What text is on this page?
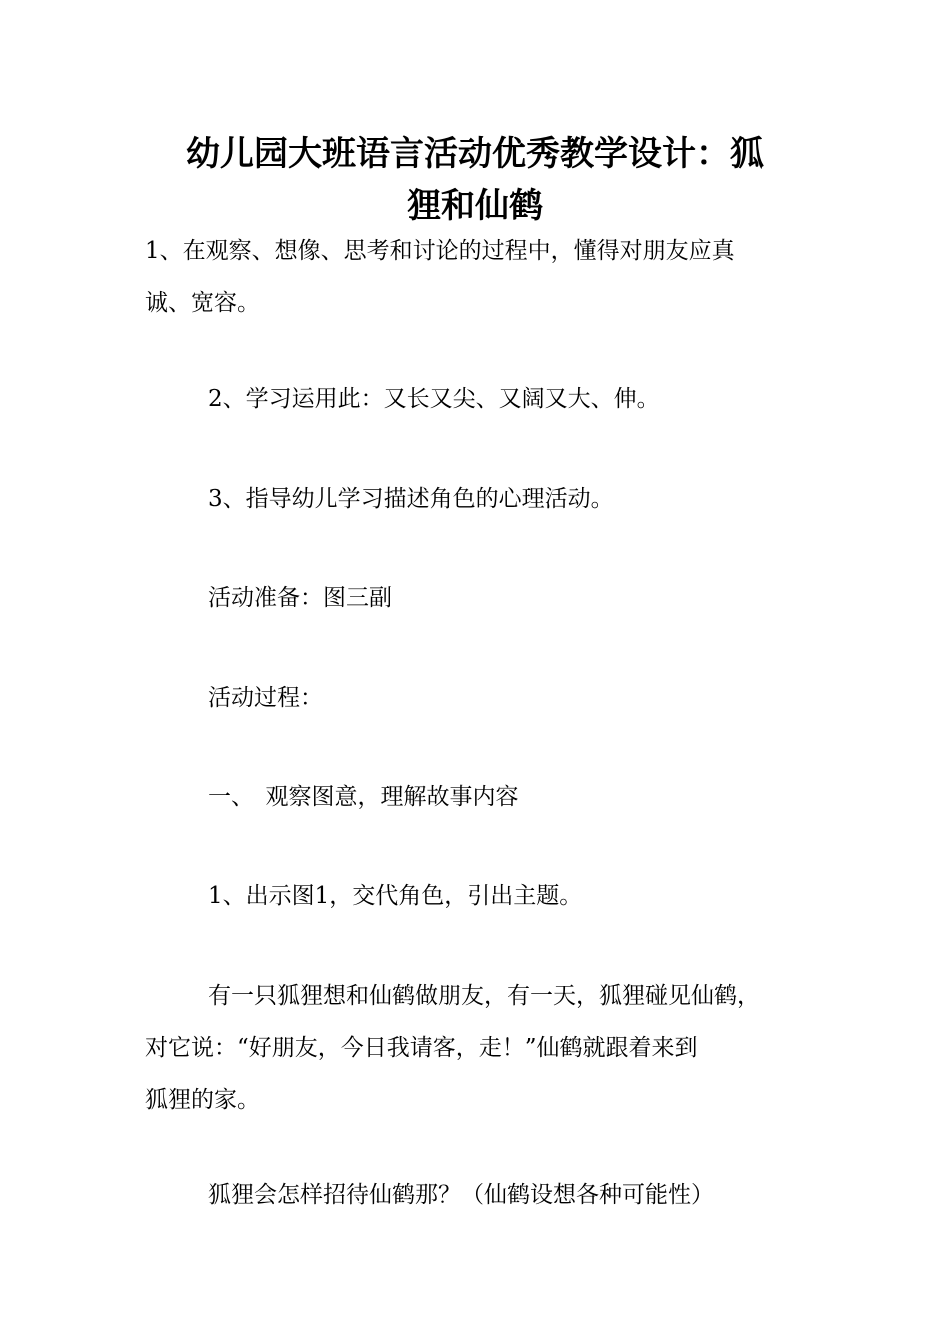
幼儿园大班语言活动优秀教学设计：狐
狸和仙鹤

1、在观察、想像、思考和讨论的过程中，懂得对朋友应真
诚、宽容。

2、学习运用此：又长又尖、又阔又大、伸。

3、指导幼儿学习描述角色的心理活动。

活动准备：图三副

活动过程：

一、　观察图意，理解故事内容

1、出示图1，交代角色，引出主题。

有一只狐狸想和仙鹤做朋友，有一天，狐狸碰见仙鹤，
对它说：“好朋友，今日我请客，走！”仙鹤就跟着来到
狐狸的家。

狐狸会怎样招待仙鹤那？（仙鹤设想各种可能性）
